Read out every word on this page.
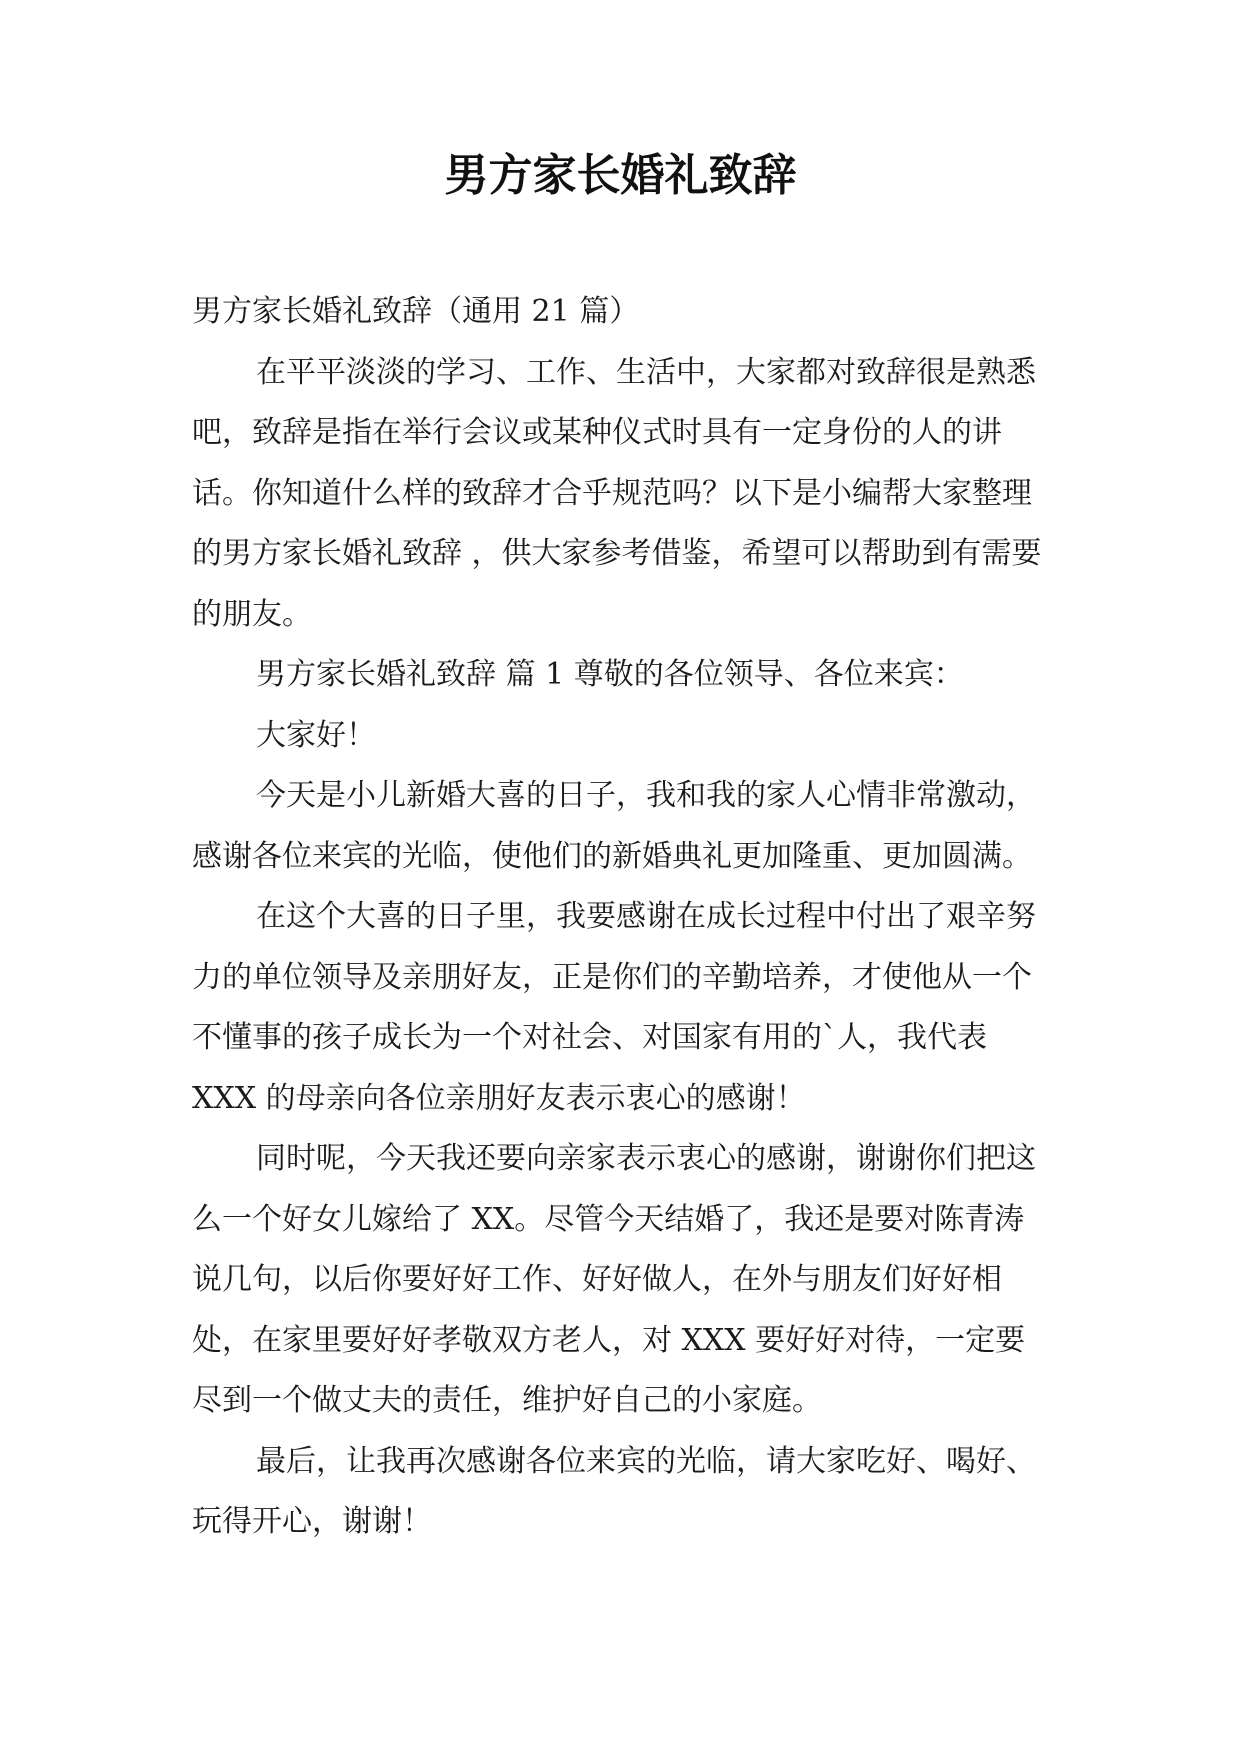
男方家长婚礼致辞

男方家长婚礼致辞（通用 21 篇）

在平平淡淡的学习、工作、生活中，大家都对致辞很是熟悉吧，致辞是指在举行会议或某种仪式时具有一定身份的人的讲话。你知道什么样的致辞才合乎规范吗？以下是小编帮大家整理的男方家长婚礼致辞 ，供大家参考借鉴，希望可以帮助到有需要的朋友。

男方家长婚礼致辞 篇 1 尊敬的各位领导、各位来宾：

大家好！

今天是小儿新婚大喜的日子，我和我的家人心情非常激动，感谢各位来宾的光临，使他们的新婚典礼更加隆重、更加圆满。

在这个大喜的日子里，我要感谢在成长过程中付出了艰辛努力的单位领导及亲朋好友，正是你们的辛勤培养，才使他从一个不懂事的孩子成长为一个对社会、对国家有用的`人，我代表 XXX 的母亲向各位亲朋好友表示衷心的感谢！

同时呢，今天我还要向亲家表示衷心的感谢，谢谢你们把这么一个好女儿嫁给了 XX。尽管今天结婚了，我还是要对陈青涛说几句，以后你要好好工作、好好做人，在外与朋友们好好相处，在家里要好好孝敬双方老人，对 XXX 要好好对待，一定要尽到一个做丈夫的责任，维护好自己的小家庭。

最后，让我再次感谢各位来宾的光临，请大家吃好、喝好、玩得开心，谢谢！
